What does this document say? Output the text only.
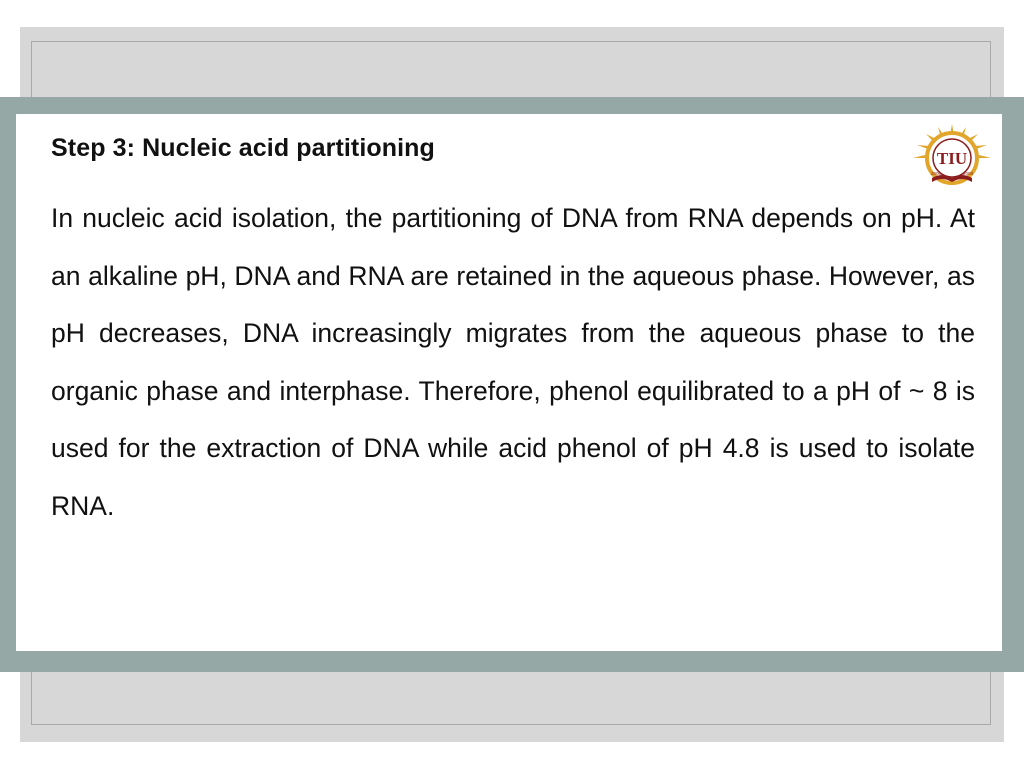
Step 3: Nucleic acid partitioning

In nucleic acid isolation, the partitioning of DNA from RNA depends on pH. At an alkaline pH, DNA and RNA are retained in the aqueous phase. However, as pH decreases, DNA increasingly migrates from the aqueous phase to the organic phase and interphase. Therefore, phenol equilibrated to a pH of ~ 8 is used for the extraction of DNA while acid phenol of pH 4.8 is used to isolate RNA.

TIU
2006	2008
